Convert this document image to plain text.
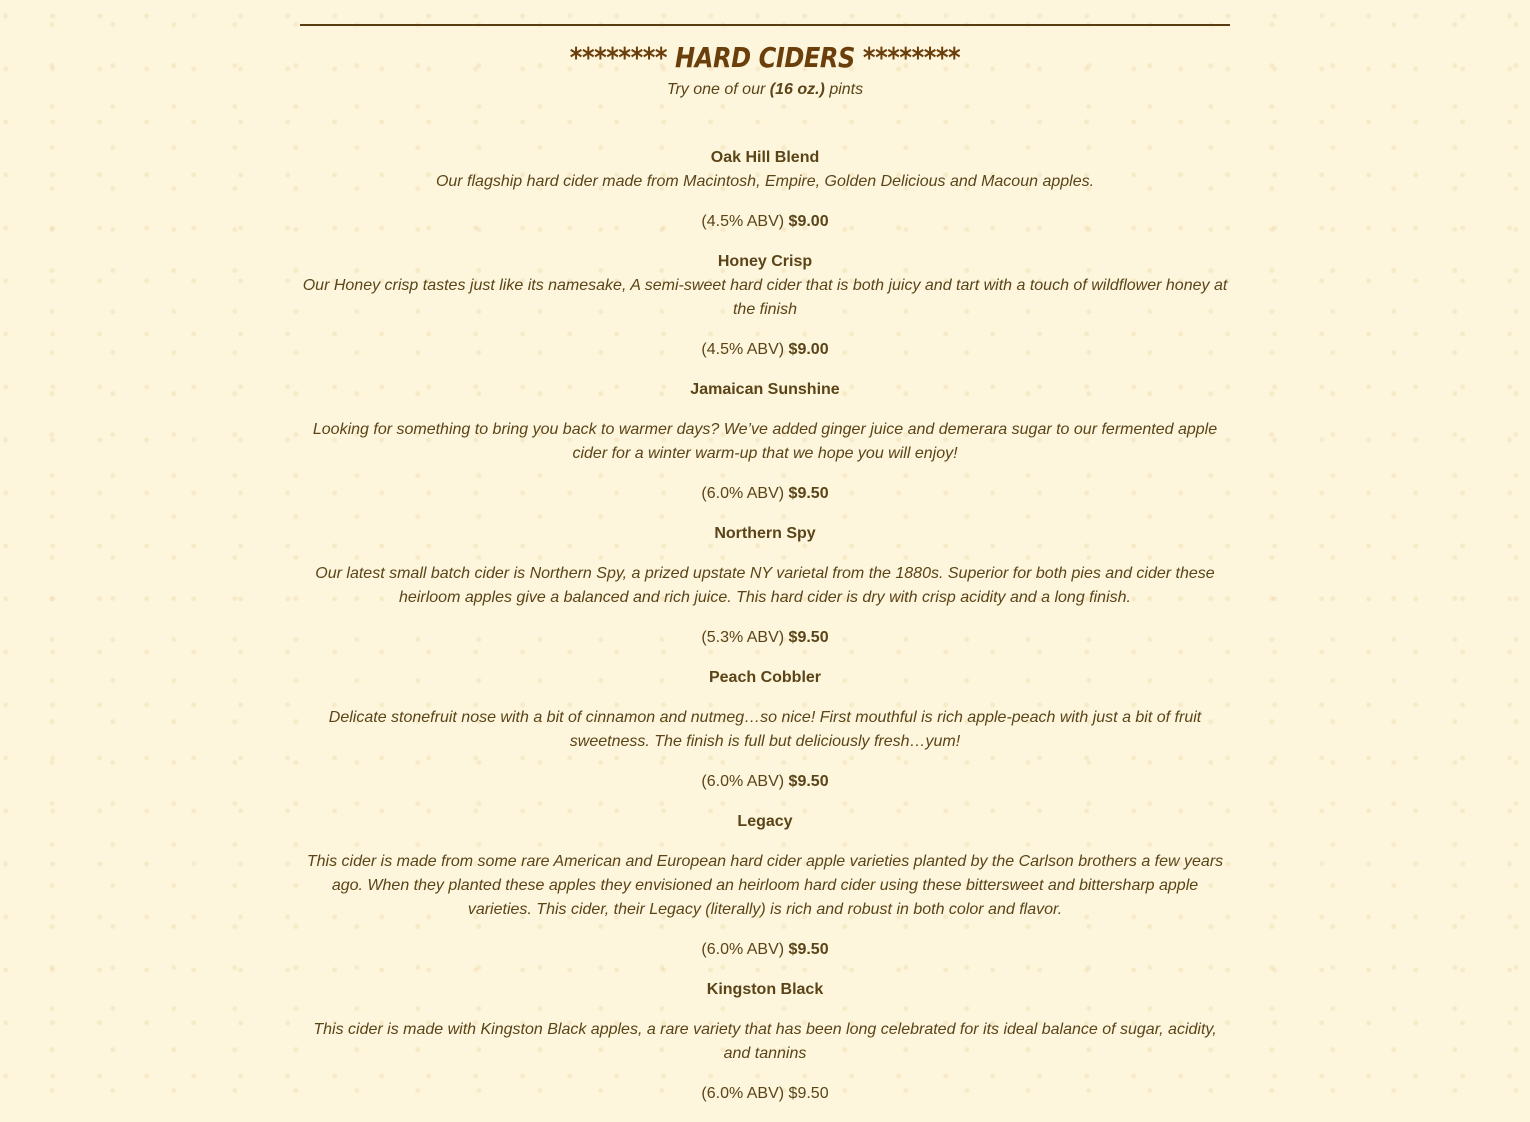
******** HARD CIDERS ********
Try one of our (16 oz.) pints
Oak Hill Blend
Our flagship hard cider made from Macintosh, Empire, Golden Delicious and Macoun apples.
(4.5% ABV) $9.00
Honey Crisp
Our Honey crisp tastes just like its namesake, A semi-sweet hard cider that is both juicy and tart with a touch of wildflower honey at the finish
(4.5% ABV) $9.00
Jamaican Sunshine
Looking for something to bring you back to warmer days? We’ve added ginger juice and demerara sugar to our fermented apple cider for a winter warm-up that we hope you will enjoy!
(6.0% ABV) $9.50
Northern Spy
Our latest small batch cider is Northern Spy, a prized upstate NY varietal from the 1880s. Superior for both pies and cider these heirloom apples give a balanced and rich juice. This hard cider is dry with crisp acidity and a long finish.
(5.3% ABV) $9.50
Peach Cobbler
Delicate stonefruit nose with a bit of cinnamon and nutmeg…so nice! First mouthful is rich apple-peach with just a bit of fruit sweetness. The finish is full but deliciously fresh…yum!
(6.0% ABV) $9.50
Legacy
This cider is made from some rare American and European hard cider apple varieties planted by the Carlson brothers a few years ago. When they planted these apples they envisioned an heirloom hard cider using these bittersweet and bittersharp apple varieties. This cider, their Legacy (literally) is rich and robust in both color and flavor.
(6.0% ABV) $9.50
Kingston Black
This cider is made with Kingston Black apples, a rare variety that has been long celebrated for its ideal balance of sugar, acidity, and tannins
(6.0% ABV) $9.50
